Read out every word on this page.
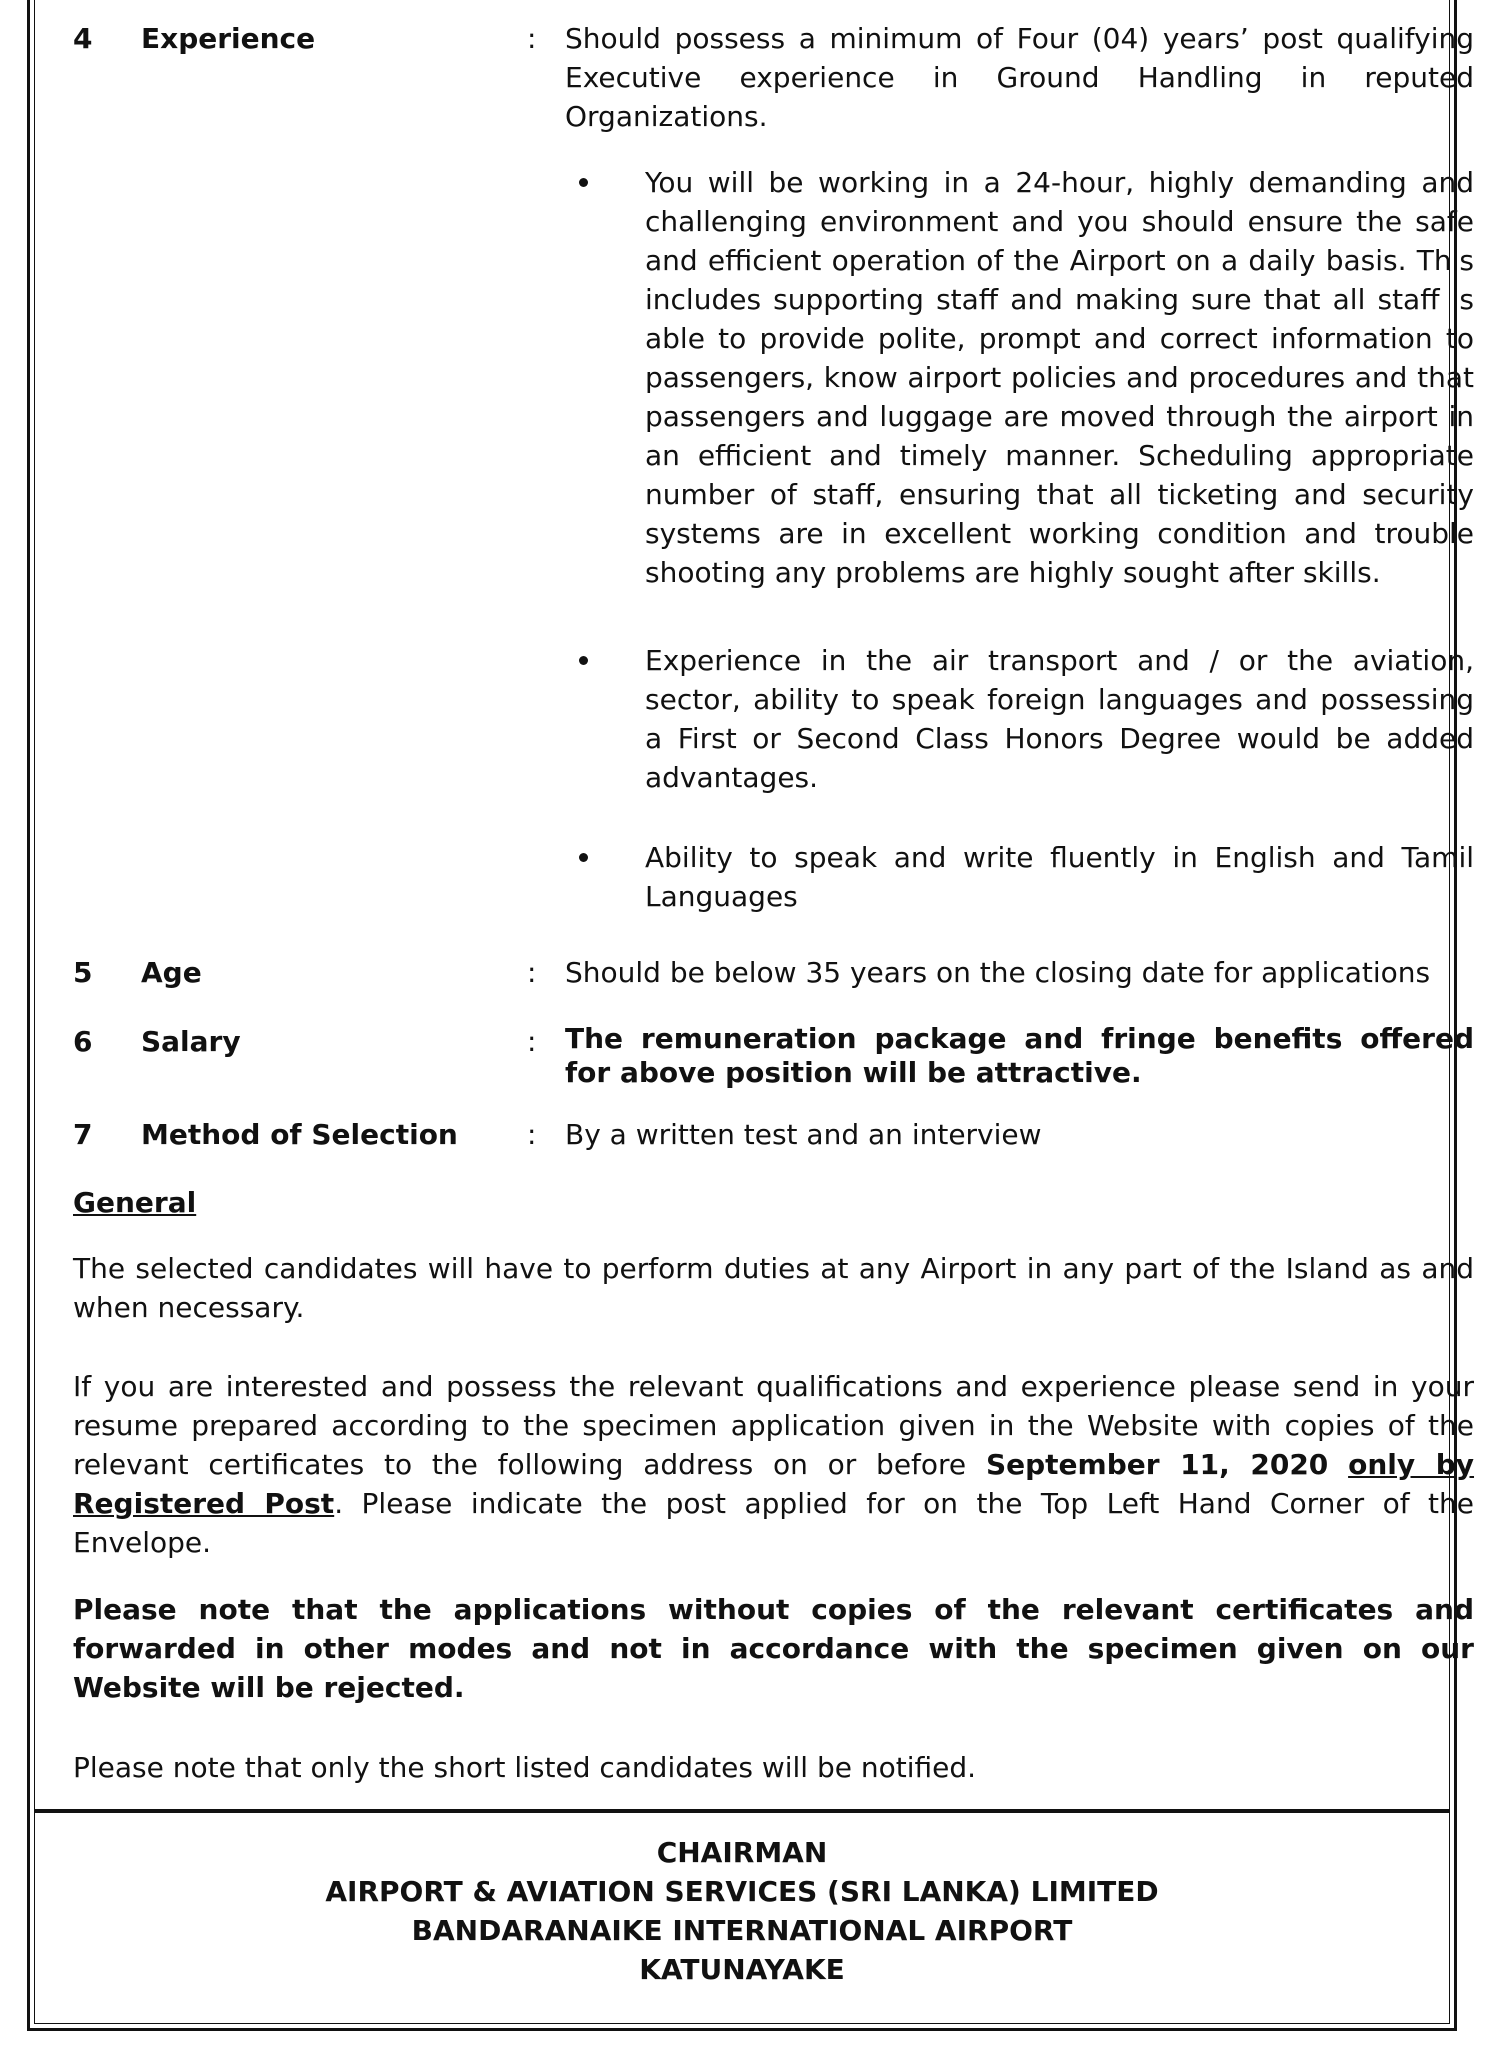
4 Experience	: Should possess a minimum of Four (04) years’ post qualifying Executive experience in Ground Handling in reputed Organizations.
You will be working in a 24-hour, highly demanding and challenging environment and you should ensure the safe and efficient operation of the Airport on a daily basis. This includes supporting staff and making sure that all staff is able to provide polite, prompt and correct information to passengers, know airport policies and procedures and that passengers and luggage are moved through the airport in an efficient and timely manner. Scheduling appropriate number of staff, ensuring that all ticketing and security systems are in excellent working condition and trouble shooting any problems are highly sought after skills.
Experience in the air transport and / or the aviation, sector, ability to speak foreign languages and possessing a First or Second Class Honors Degree would be added advantages.
Ability to speak and write fluently in English and Tamil Languages
5 Age	: Should be below 35 years on the closing date for applications
6 Salary	: The remuneration package and fringe benefits offered for above position will be attractive.
7 Method of Selection : By a written test and an interview
General
The selected candidates will have to perform duties at any Airport in any part of the Island as and when necessary.
If you are interested and possess the relevant qualifications and experience please send in your resume prepared according to the specimen application given in the Website with copies of the relevant certificates to the following address on or before September 11, 2020 only by Registered Post. Please indicate the post applied for on the Top Left Hand Corner of the Envelope.
Please note that the applications without copies of the relevant certificates and forwarded in other modes and not in accordance with the specimen given on our Website will be rejected.
Please note that only the short listed candidates will be notified.
CHAIRMAN
AIRPORT & AVIATION SERVICES (SRI LANKA) LIMITED
BANDARANAIKE INTERNATIONAL AIRPORT
KATUNAYAKE
